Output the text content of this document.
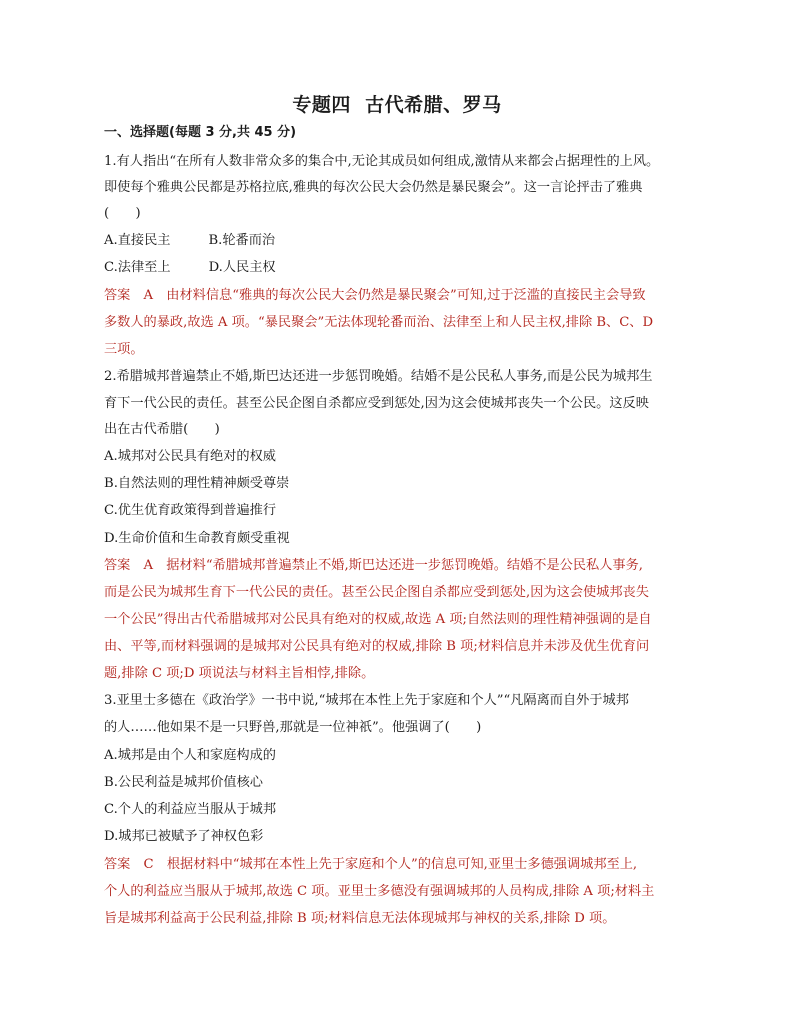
专题四  古代希腊、罗马
一、选择题(每题 3 分,共 45 分)
1.有人指出“在所有人数非常众多的集合中,无论其成员如何组成,激情从来都会占据理性的上风。
即使每个雅典公民都是苏格拉底,雅典的每次公民大会仍然是暴民聚会”。这一言论抨击了雅典
(　　)
A.直接民主	B.轮番而治
C.法律至上	D.人民主权
答案　A　由材料信息“雅典的每次公民大会仍然是暴民聚会”可知,过于泛滥的直接民主会导致
多数人的暴政,故选 A 项。“暴民聚会”无法体现轮番而治、法律至上和人民主权,排除 B、C、D
三项。
2.希腊城邦普遍禁止不婚,斯巴达还进一步惩罚晚婚。结婚不是公民私人事务,而是公民为城邦生
育下一代公民的责任。甚至公民企图自杀都应受到惩处,因为这会使城邦丧失一个公民。这反映
出在古代希腊(　　)
A.城邦对公民具有绝对的权威
B.自然法则的理性精神颇受尊崇
C.优生优育政策得到普遍推行
D.生命价值和生命教育颇受重视
答案　A　据材料“希腊城邦普遍禁止不婚,斯巴达还进一步惩罚晚婚。结婚不是公民私人事务,
而是公民为城邦生育下一代公民的责任。甚至公民企图自杀都应受到惩处,因为这会使城邦丧失
一个公民”得出古代希腊城邦对公民具有绝对的权威,故选 A 项;自然法则的理性精神强调的是自
由、平等,而材料强调的是城邦对公民具有绝对的权威,排除 B 项;材料信息并未涉及优生优育问
题,排除 C 项;D 项说法与材料主旨相悖,排除。
3.亚里士多德在《政治学》一书中说,“城邦在本性上先于家庭和个人”“凡隔离而自外于城邦
的人……他如果不是一只野兽,那就是一位神祇”。他强调了(　　)
A.城邦是由个人和家庭构成的
B.公民利益是城邦价值核心
C.个人的利益应当服从于城邦
D.城邦已被赋予了神权色彩
答案　C　根据材料中“城邦在本性上先于家庭和个人”的信息可知,亚里士多德强调城邦至上,
个人的利益应当服从于城邦,故选 C 项。亚里士多德没有强调城邦的人员构成,排除 A 项;材料主
旨是城邦利益高于公民利益,排除 B 项;材料信息无法体现城邦与神权的关系,排除 D 项。
